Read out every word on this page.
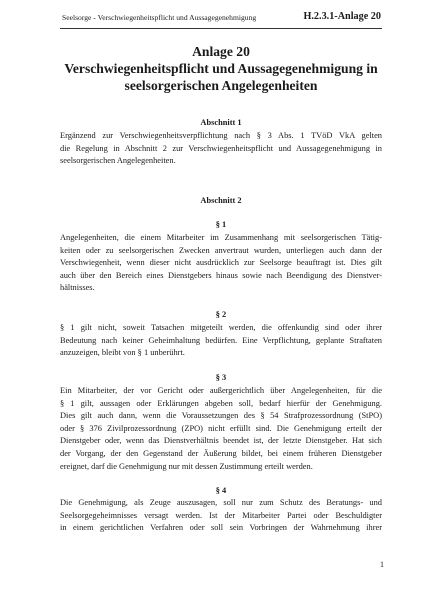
Seelsorge - Verschwiegenheitspflicht und Aussagegenehmigung	H.2.3.1-Anlage 20
Anlage 20
Verschwiegenheitspflicht und Aussagegenehmigung in
seelsorgerischen Angelegenheiten
Abschnitt 1
Ergänzend zur Verschwiegenheitsverpflichtung nach § 3 Abs. 1 TVöD VkA gelten
die Regelung in Abschnitt 2 zur Verschwiegenheitspflicht und Aussagegenehmigung in
seelsorgerischen Angelegenheiten.
Abschnitt 2
§ 1
Angelegenheiten, die einem Mitarbeiter im Zusammenhang mit seelsorgerischen Tätig-
keiten oder zu seelsorgerischen Zwecken anvertraut wurden, unterliegen auch dann der
Verschwiegenheit, wenn dieser nicht ausdrücklich zur Seelsorge beauftragt ist. Dies gilt
auch über den Bereich eines Dienstgebers hinaus sowie nach Beendigung des Dienstver-
hältnisses.
§ 2
§ 1 gilt nicht, soweit Tatsachen mitgeteilt werden, die offenkundig sind oder ihrer
Bedeutung nach keiner Geheimhaltung bedürfen. Eine Verpflichtung, geplante Straftaten
anzuzeigen, bleibt von § 1 unberührt.
§ 3
Ein Mitarbeiter, der vor Gericht oder außergerichtlich über Angelegenheiten, für die
§ 1 gilt, aussagen oder Erklärungen abgeben soll, bedarf hierfür der Genehmigung.
Dies gilt auch dann, wenn die Voraussetzungen des § 54 Strafprozessordnung (StPO)
oder § 376 Zivilprozessordnung (ZPO) nicht erfüllt sind. Die Genehmigung erteilt der
Dienstgeber oder, wenn das Dienstverhältnis beendet ist, der letzte Dienstgeber. Hat sich
der Vorgang, der den Gegenstand der Äußerung bildet, bei einem früheren Dienstgeber
ereignet, darf die Genehmigung nur mit dessen Zustimmung erteilt werden.
§ 4
Die Genehmigung, als Zeuge auszusagen, soll nur zum Schutz des Beratungs- und
Seelsorgegeheimnisses versagt werden. Ist der Mitarbeiter Partei oder Beschuldigter
in einem gerichtlichen Verfahren oder soll sein Vorbringen der Wahrnehmung ihrer
1
